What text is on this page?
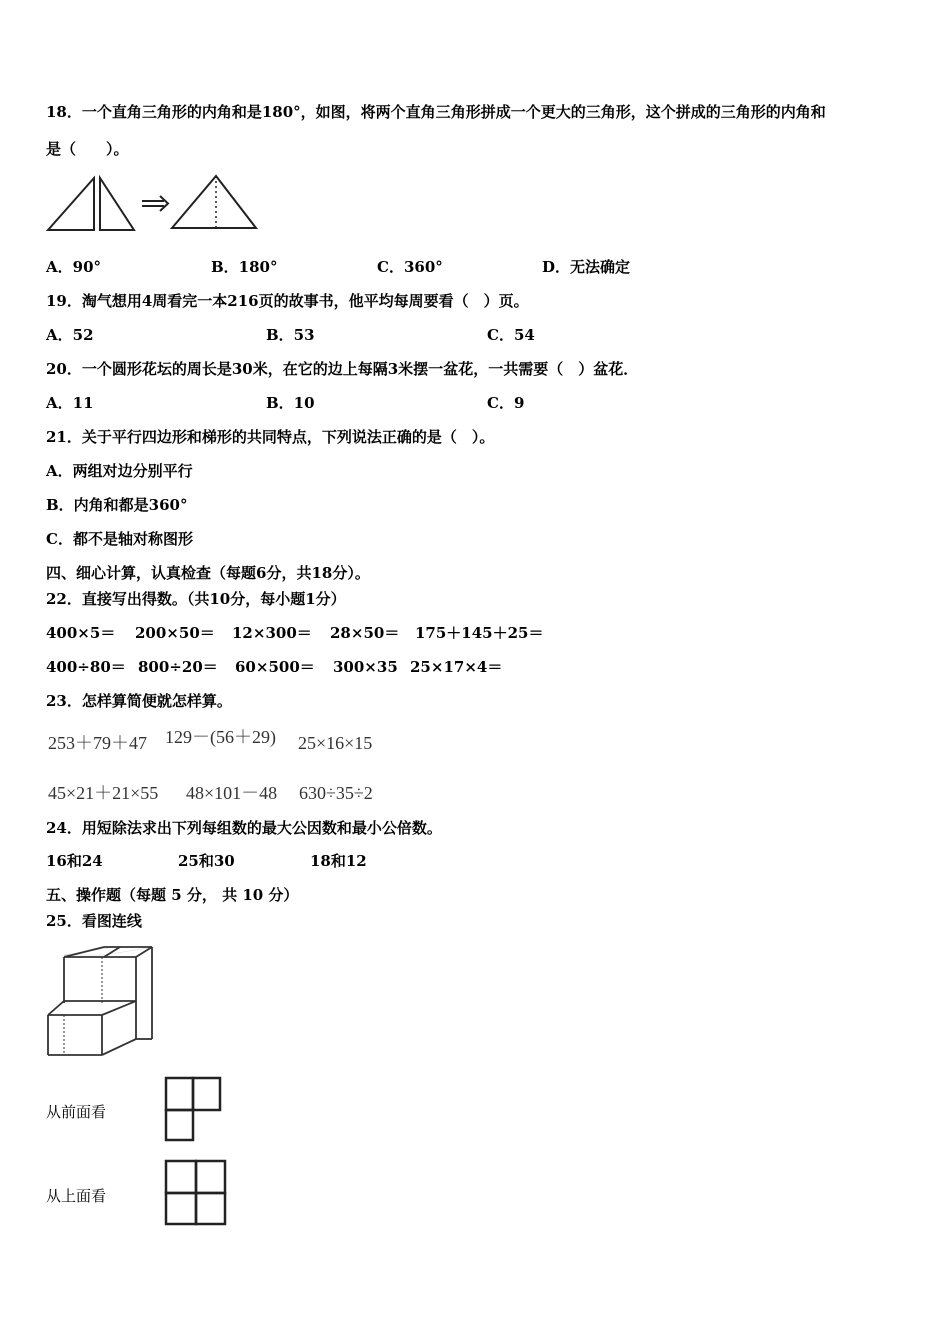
18．一个直角三角形的内角和是180°，如图，将两个直角三角形拼成一个更大的三角形，这个拼成的三角形的内角和
是（　　）。
A．90°	B．180°	C．360°	D．无法确定
19．淘气想用4周看完一本216页的故事书，他平均每周要看（　）页。
A．52	B．53	C．54
20．一个圆形花坛的周长是30米，在它的边上每隔3米摆一盆花，一共需要（　）盆花．
A．11	B．10	C．9
21．关于平行四边形和梯形的共同特点，下列说法正确的是（　）。
A．两组对边分别平行
B．内角和都是360°
C．都不是轴对称图形
四、细心计算，认真检查（每题6分，共18分）。
22．直接写出得数。（共10分，每小题1分）
400×5＝ 200×50＝ 12×300＝ 28×50＝ 175＋145＋25＝
400÷80＝ 800÷20＝ 60×500＝ 300×35 25×17×4＝
23．怎样算简便就怎样算。
253＋79＋47 129－(56＋29) 25×16×15
45×21＋21×55 48×101－48 630÷35÷2
24．用短除法求出下列每组数的最大公因数和最小公倍数。
16和24	25和30	18和12
五、操作题（每题 5 分， 共 10 分）
25．看图连线
从前面看
从上面看
